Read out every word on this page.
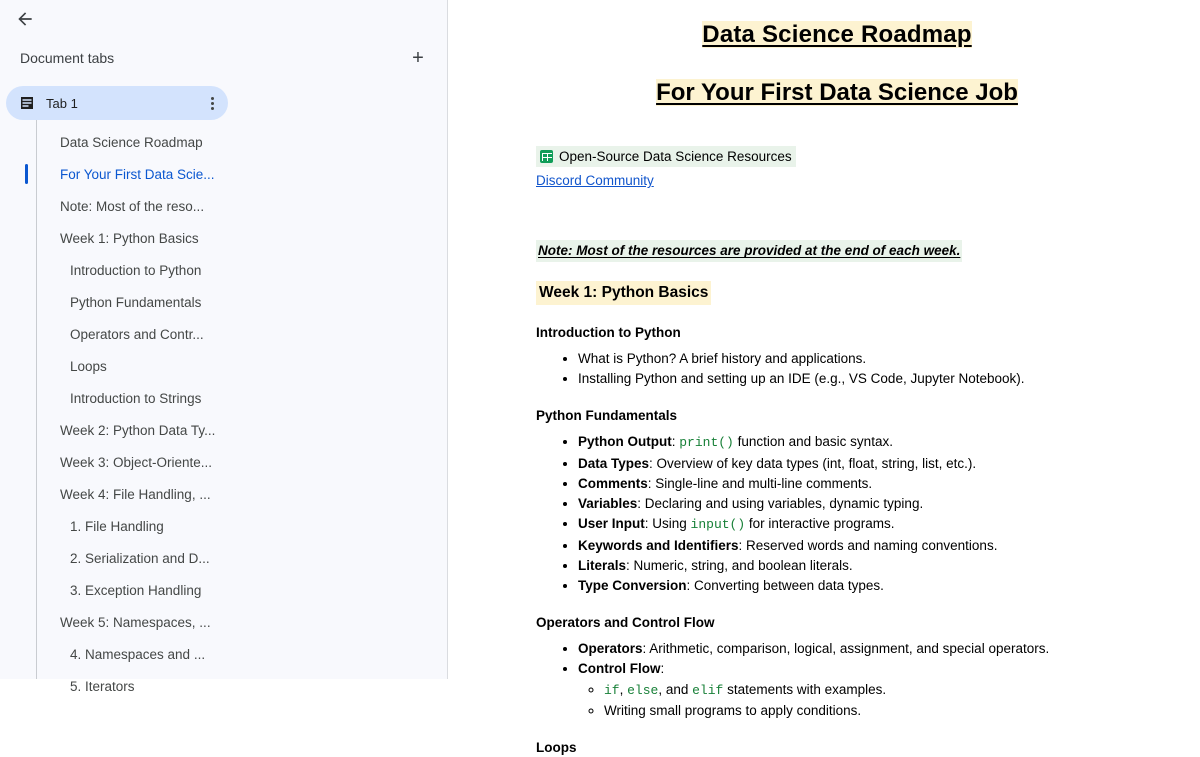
Document tabs	+
Tab 1
Data Science Roadmap
For Your First Data Scie...
Note: Most of the reso...
Week 1: Python Basics
Introduction to Python
Python Fundamentals
Operators and Contr...
Loops
Introduction to Strings
Week 2: Python Data Ty...
Week 3: Object-Oriente...
Week 4: File Handling, ...
1. File Handling
2. Serialization and D...
3. Exception Handling
Week 5: Namespaces, ...
4. Namespaces and ...
5. Iterators
Data Science Roadmap
For Your First Data Science Job
Open-Source Data Science Resources
Discord Community
Note: Most of the resources are provided at the end of each week. Week 1: Python Basics
Introduction to Python
• What is Python? A brief history and applications.
• Installing Python and setting up an IDE (e.g., VS Code, Jupyter Notebook).
Python Fundamentals
• Python Output: print() function and basic syntax.
• Data Types: Overview of key data types (int, float, string, list, etc.).
• Comments: Single-line and multi-line comments.
• Variables: Declaring and using variables, dynamic typing.
• User Input: Using input() for interactive programs.
• Keywords and Identifiers: Reserved words and naming conventions.
• Literals: Numeric, string, and boolean literals.
• Type Conversion: Converting between data types.
Operators and Control Flow
• Operators: Arithmetic, comparison, logical, assignment, and special operators.
• Control Flow:
◦ if, else, and elif statements with examples.
◦ Writing small programs to apply conditions.
Loops
